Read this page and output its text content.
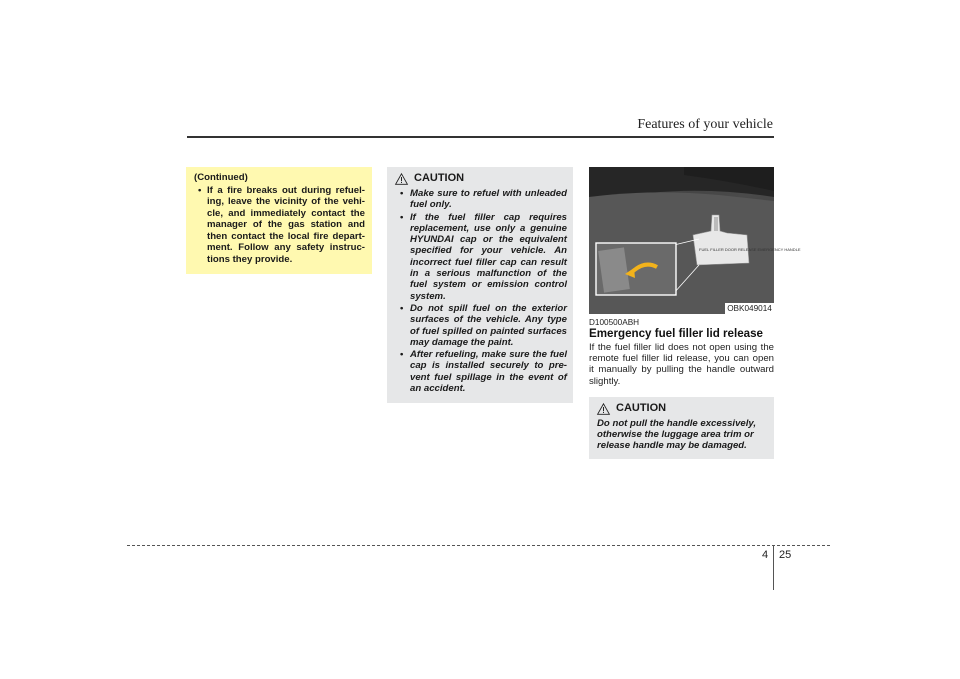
Features of your vehicle
(Continued)
• If a fire breaks out during refuel-ing, leave the vicinity of the vehi-cle, and immediately contact the manager of the gas station and then contact the local fire depart-ment. Follow any safety instruc-tions they provide.
CAUTION
• Make sure to refuel with unleaded fuel only.
• If the fuel filler cap requires replacement, use only a genuine HYUNDAI cap or the equivalent specified for your vehicle. An incorrect fuel filler cap can result in a serious malfunction of the fuel system or emission control system.
• Do not spill fuel on the exterior surfaces of the vehicle. Any type of fuel spilled on painted surfaces may damage the paint.
• After refueling, make sure the fuel cap is installed securely to pre-vent fuel spillage in the event of an accident.
FUEL FILLER DOOR RELEASE EMERGENCY HANDLE
OBK049014
D100500ABH
Emergency fuel filler lid release
If the fuel filler lid does not open using the remote fuel filler lid release, you can open it manually by pulling the handle outward slightly.
CAUTION
Do not pull the handle excessively, otherwise the luggage area trim or release handle may be damaged.
4 25
